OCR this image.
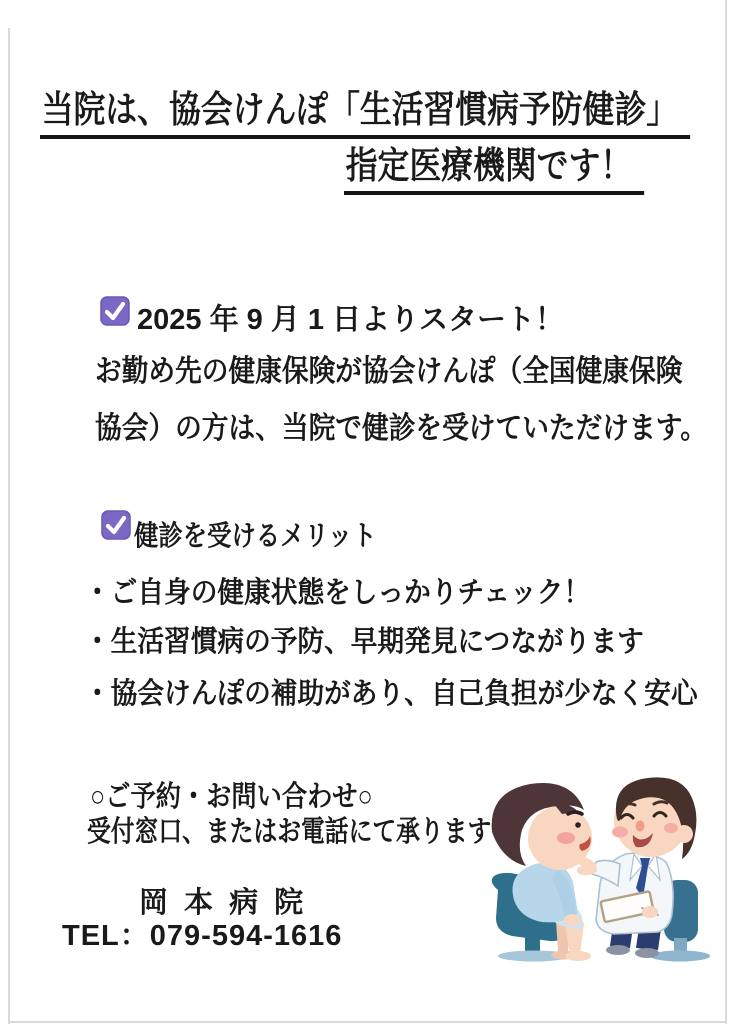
当院は、協会けんぽ「生活習慣病予防健診」
指定医療機関です！
2025 年 9 月 1 日よりスタート！
お勤め先の健康保険が協会けんぽ（全国健康保険
協会）の方は、当院で健診を受けていただけます。
健診を受けるメリット
・ご自身の健康状態をしっかりチェック！
・生活習慣病の予防、早期発見につながります
・協会けんぽの補助があり、自己負担が少なく安心
○ご予約・お問い合わせ○
受付窓口、またはお電話にて承ります
岡 本 病 院
TEL：079-594-1616
